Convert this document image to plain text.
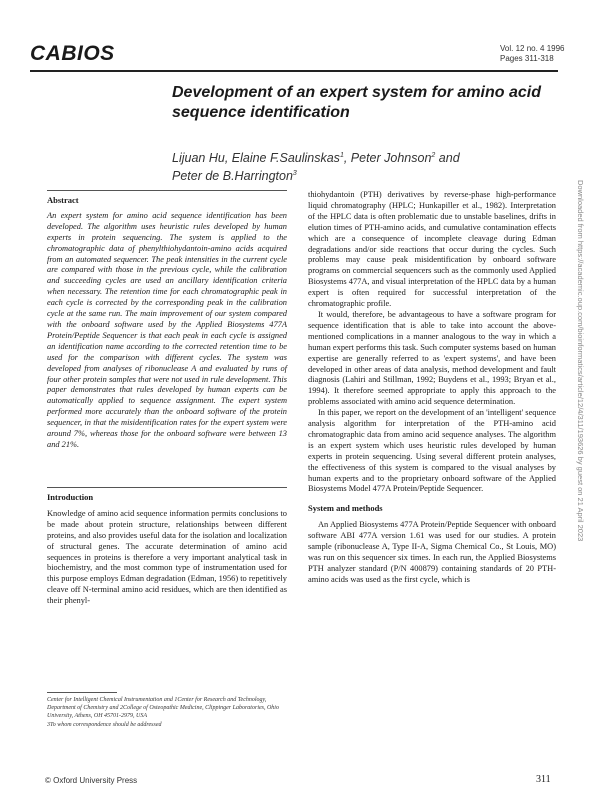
CABIOS	Vol. 12 no. 4 1996
Pages 311-318
Development of an expert system for amino acid sequence identification
Lijuan Hu, Elaine F.Saulinskas$^1$, Peter Johnson$^2$ and
Peter de B.Harrington$^3$
Abstract

An expert system for amino acid sequence identification has been developed. The algorithm uses heuristic rules developed by human experts in protein sequencing. The system is applied to the chromatographic data of phenylthiohydantoin-amino acids acquired from an automated sequencer. The peak intensities in the current cycle are compared with those in the previous cycle, while the calibration and succeeding cycles are used an ancillary identification criteria when necessary. The retention time for each chromatographic peak in each cycle is corrected by the corresponding peak in the calibration cycle at the same run. The main improvement of our system compared with the onboard software used by the Applied Biosystems 477A Protein/Peptide Sequencer is that each peak in each cycle is assigned an identification name according to the corrected retention time to be used for the comparison with different cycles. The system was developed from analyses of ribonuclease A and evaluated by runs of four other protein samples that were not used in rule development. This paper demonstrates that rules developed by human experts can be automatically applied to sequence assignment. The expert system performed more accurately than the onboard software of the protein sequencer, in that the misidentification rates for the expert system were around 7%, whereas those for the onboard software were between 13 and 21%.

Introduction

Knowledge of amino acid sequence information permits conclusions to be made about protein structure, relationships between different proteins, and also provides useful data for the isolation and localization of structural genes. The accurate determination of amino acid sequences in proteins is therefore a very important analytical task in biochemistry, and the most common type of instrumentation used for this purpose employs Edman degradation (Edman, 1956) to repetitively cleave off N-terminal amino acid residues, which are then identified as their phenyl-

Center for Intelligent Chemical Instrumentation and 1Center for Research and Technology, Department of Chemistry and 2College of Osteopathic Medicine, Clippinger Laboratories, Ohio University, Athens, OH 45701-2979, USA

3To whom correspondence should be addressed

thiohydantoin (PTH) derivatives by reverse-phase high-performance liquid chromatography (HPLC; Hunkapiller et al., 1982). Interpretation of the HPLC data is often problematic due to unstable baselines, drifts in elution times of PTH-amino acids, and cumulative contamination effects which are a consequence of incomplete cleavage during Edman degradations and/or side reactions that occur during the cycles. Such problems may cause peak misidentification by onboard software programs on commercial sequencers such as the commonly used Applied Biosystems 477A, and visual interpretation of the HPLC data by a human expert is often required for successful interpretation of the chromatographic profile.

It would, therefore, be advantageous to have a software program for sequence identification that is able to take into account the above-mentioned complications in a manner analogous to the way in which a human expert performs this task. Such computer systems based on human expertise are generally referred to as 'expert systems', and have been developed in other areas of data analysis, method development and fault diagnosis (Lahiri and Stillman, 1992; Buydens et al., 1993; Bryan et al., 1994). It therefore seemed appropriate to apply this approach to the problems associated with amino acid sequence determination.

In this paper, we report on the development of an 'intelligent' sequence analysis algorithm for interpretation of the PTH-amino acid chromatographic data from amino acid sequence analyses. The algorithm is an expert system which uses heuristic rules developed by human experts in protein sequencing. Using several different protein analyses, the effectiveness of this system is compared to the visual analyses by human experts and to the proprietary onboard software of the Applied Biosystems Model 477A Protein/Peptide Sequencer.

System and methods

An Applied Biosystems 477A Protein/Peptide Sequencer with onboard software ABI 477A version 1.61 was used for our studies. A protein sample (ribonuclease A, Type II-A, Sigma Chemical Co., St Louis, MO) was run on this sequencer six times. In each run, the Applied Biosystems PTH analyzer standard (P/N 400879) containing standards of 20 PTH-amino acids was used as the first cycle, which is

© Oxford University Press	311
Downloaded from https://academic.oup.com/bioinformatics/article/12/4/311/193626 by guest on 21 April 2023
